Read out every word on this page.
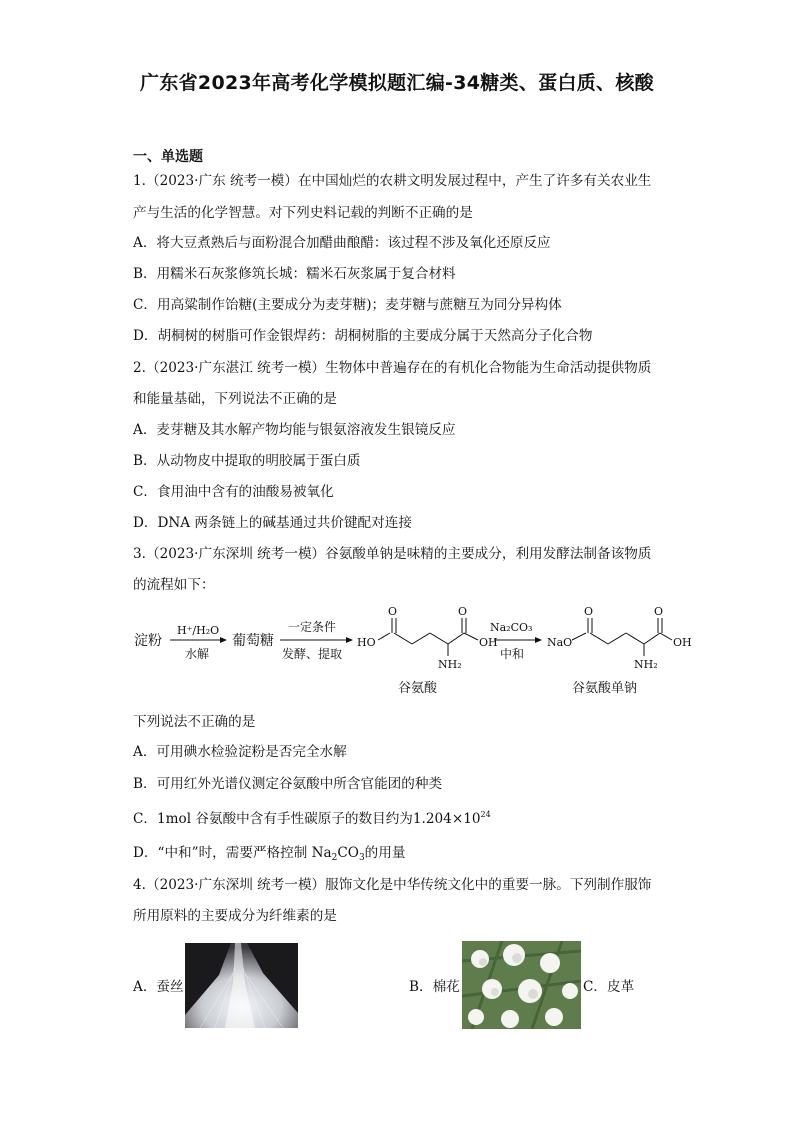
广东省2023年高考化学模拟题汇编-34糖类、蛋白质、核酸
一、单选题
1.（2023·广东 统考一模）在中国灿烂的农耕文明发展过程中，产生了许多有关农业生
产与生活的化学智慧。对下列史料记载的判断不正确的是
A．将大豆煮熟后与面粉混合加醋曲酿醋：该过程不涉及氧化还原反应
B．用糯米石灰浆修筑长城：糯米石灰浆属于复合材料
C．用高粱制作饴糖(主要成分为麦芽糖)；麦芽糖与蔗糖互为同分异构体
D．胡桐树的树脂可作金银焊药：胡桐树脂的主要成分属于天然高分子化合物
2.（2023·广东湛江 统考一模）生物体中普遍存在的有机化合物能为生命活动提供物质
和能量基础，下列说法不正确的是
A．麦芽糖及其水解产物均能与银氨溶液发生银镜反应
B．从动物皮中提取的明胶属于蛋白质
C．食用油中含有的油酸易被氧化
D．DNA 两条链上的碱基通过共价键配对连接
3.（2023·广东深圳 统考一模）谷氨酸单钠是味精的主要成分，利用发酵法制备该物质
的流程如下：
淀粉
H⁺/H₂O
水解
葡萄糖
一定条件
发酵、提取
O	O
HO	OH
NH₂
谷氨酸
Na₂CO₃
中和
O	O
NaO	OH
NH₂
谷氨酸单钠
下列说法不正确的是
A．可用碘水检验淀粉是否完全水解
B．可用红外光谱仪测定谷氨酸中所含官能团的种类
C．1mol 谷氨酸中含有手性碳原子的数目约为$1.204\times 10^{24}$
D．“中和”时，需要严格控制 $Na_2CO_3$的用量
4.（2023·广东深圳 统考一模）服饰文化是中华传统文化中的重要一脉。下列制作服饰
所用原料的主要成分为纤维素的是
A．蚕丝	B．棉花	C．皮革
